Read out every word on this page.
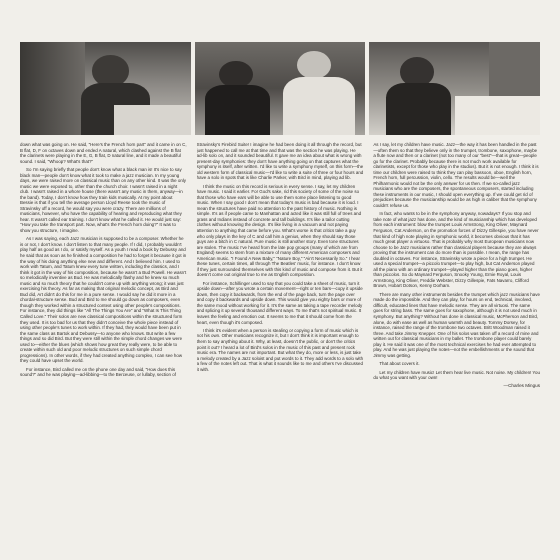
down what was going on. He said, "Here's the French horn part" and it came in on C, B flat, D, F on octaves down and ended A natural, which clashed against the B flat the clarinets were playing in the E, G, B flat, D natural line, and it made a beautiful sound. I said, "Whoop? What's that?"

So I'm saying briefly that people don't know what a black man is! It's nice to say black man—people don't know what it took to make a jazz musician. In my young days, we were raised more on classical music than on any other kind. It was the only music we were exposed to, other than the church choir. I wasn't raised in a night club. I wasn't raised in a whore house (there wasn't any music in them, anyway—in the band). Today, I don't know how they train kids musically. At my point about Bessie is that if you tell the average person Lloyd Reese took the music of Stravinsky off a record, he would say you were crazy. There are millions of musicians, however, who have the capability of hearing and reproducing what they hear. It wasn't called ear training. I don't know what he called it. He would just say: "How you take the transport part. Now, what's the French horn doing?" It was to show you structure, I imagine.

As I was saying, each Jazz musician is supposed to be a composer. Whether he is or not, I don't know. I don't listen to that many people. If I did, I probably wouldn't play half as good as I do, or satisfy myself. As a youth I read a book by Debussy and he said that as soon as he finished a composition he had to forget it because it got in the way of his doing anything else new and different. And I believed him. I used to work with Tatum, and Tatum knew every tune written, including the classics, and I think it got in the way of his composition, because he wasn't a Bud Powell. He wasn't so melodically inventive as Bud. He was melodically flashy and he knew so much music and so much theory that he couldn't come up with anything wrong; it was just exercising his theory. As far as making that original melodic concept, as Bird and Bud did, Art didn't do this for me in a pure sense. I would say he did it more in a chordal-structure sense. Bud and Bird to me should go down as composers, even though they worked within a structured context using other people's compositions. For instance, they did things like "All The Things You Are" and "What Is This Thing Called Love." Their solos are new classical compositions within the structured form they used. It is too bad for us that they didn't conceive the whole piece instead of using other people's tunes to work within. If they had, they would have been put in the same class as Bartok and Debussy—to anyone who knows. But write a few things and so did Bird. But they were still within the simple chord changes we were used to—either the blues (which shows how great they really were, to be able to create within such old and poor melodic structures on such simple chord progressions). In other words, if they had created anything complex, I can see how they could have upset the world.

For instance, Bird called me on the phone one day and said, "How does this sound?" and he was playing—ad-libbing—to the Berceuse, or lullaby, section of

Stravinsky's Firebird Suite! I imagine he had been doing it all through the record, but just happened to call me at that time and that was the section he was playing. He ad-lib solo on, and it sounded beautiful. It gave me an idea about what is wrong with present-day symphonies: they don't have anything going on that captures what the symphony is itself, after written. I'd like to write a symphony myself, on this form—the old western form of classical music—I'd like to write a suite of three or four hours and have a solo in spots that is like Charlie Parker, with Bird in mind, playing ad lib.

I think the music on this record is serious in every sense. I say, let my children have music. I said it earlier. For God's sake, rid this society of some of the noise so that those who have ears will be able to use them some place listening to good music. When I say good I don't mean that today's music is bad because it is loud. I mean the structures have paid no attention to the past history of music. Nothing is simple. It's as if people came to Manhattan and acted like it was still full of trees and grass and Indians instead of concrete and tall buildings. It's like a tailor cutting clothes without knowing the design. It's like living in a vacuum and not paying attention to anything that came before you. What's worse is that critics take a guy who only plays in the key of C and call him a genius, when they should say those guys are a bitch in C natural. Pure music is still another story. Even tone structures are stolen. The music I've heard from the late pop groups (many of which are from England) seems to stem from a mixture of many different American composers and American music. "I Found A New Baby," "Nature Boy," "Ain't Necessarily So." I hear these tunes, certain times, all through The Beatles' music, for instance. I don't know if they just surrounded themselves with this kind of music and compose from it. But it doesn't come out original true to me as English composition.

For instance, Schillinger used to say that you could take a sheet of music, turn it upside down—after you wrote a certain movement—right or ten bars—copy it upside down, then copy it backwards, from the end of the page back, turn the page over and copy it backwards and upside down. This would give you eighty bars or more of the same mood without working for it. It's the same as taking a tape recorder melody and splicing it up several thousand different ways. To me that's not spiritual music. It leaves the feeling and emotion out. It seems to me that it should come from the heart, even though it's composed.

I think it's evident when a person is stealing or copying a form of music which is not his own. Other musicians recognize it, but I don't think it is important enough to them to say anything about it. Why, at least, doesn't the public, or don't the critics point it out? I heard a lot of Bird's solos in the music of this past and present rock music era. The names are not important. But what they do, more or less, is just take a melody created by a Jazz soloist and put words to it. They add words to a solo with a few of the notes left out. That is what it sounds like to me and others I've discussed it with.

As I say, let my children have music. Jazz—the way it has been handled in the past—often them so that they believe only in the trumpet, trombone, saxophone, maybe a flute now and then or a clarinet (not too many of our "best"—that is great—people go for the clarinet. Probably because there is not much work available for clarinetists, except for those who play in the studios). But it is not enough. I think it is time our children were raised to think they can play bassoon, oboe, English horn, French horn, full percussion, violin, cello. The results would be—well the Philharmonic would not be the only answer for us then. If we so-called jazz musicians who are the composers, the spontaneous composers, started including these instruments in our music, I should open everything up. If we could get rid of prejudices because the musicianship would be as high in caliber that the symphony couldn't refuse us.

In fact, who wants to be in the symphony anyway, nowadays? If you stop and take note of what jazz has done, and the kind of musicianship which has developed from each instrument: blow the trumpet Louis Armstrong, King Oliver, Maynard Ferguson, Cat Anderson, on the promotion forces of Dizzy Gillespie, you have never that kind of high note playing in symphonic world, it becomes obvious that it has much great player a virtuoso. That is probably why most European musicians now choose to be Jazz musicians rather than classical players because they are always proving that the instrument can do more than is possible. I mean, the range has doubled in octaves. For instance, Stravinsky wrote a piece for a high trumpet. He used a special trumpet—a piccolo trumpet—to play high, but Cat Anderson played all the piano with an ordinary trumpet—played higher than the piano goes, higher than piccolos. So do Maynard Ferguson, Snooky Young, Ernie Royal, Louis Armstrong, King Oliver, Freddie Webster, Dizzy Gillespie, Fats Navarro, Clifford Brown, Hobart Dotson, Kenny Dorham.

There are many other instruments besides the trumpet which jazz musicians have made do the impossible. And they can play, for hours on end, technical, involved, difficult, educated lines that have melodic sense. They are all virtuosi. The same goes for string bass. The same goes for saxophone, although it is not used much in symphony. But anything? Without has done in classical music, McPherson and Bird, alone, do with ease as well as human warmth and beauty. Tommy Dorsey, for instance, raised the range of the trombone two octaves. Britt Woodman raised it three. And take Jimmy Knepper. One of his solos was taken off a record of mine and written out for classical musicians in my ballet. The trombone player could barely play it. He said it was one of the most technical exercises he had ever attempted to play. And he was just playing the notes—not the embellishments or the sound that Jimmy was getting.

That about covers it.

Let my children have music! Let them hear live music. Not noise. My children! You do what you want with your own!

—Charles Mingus
